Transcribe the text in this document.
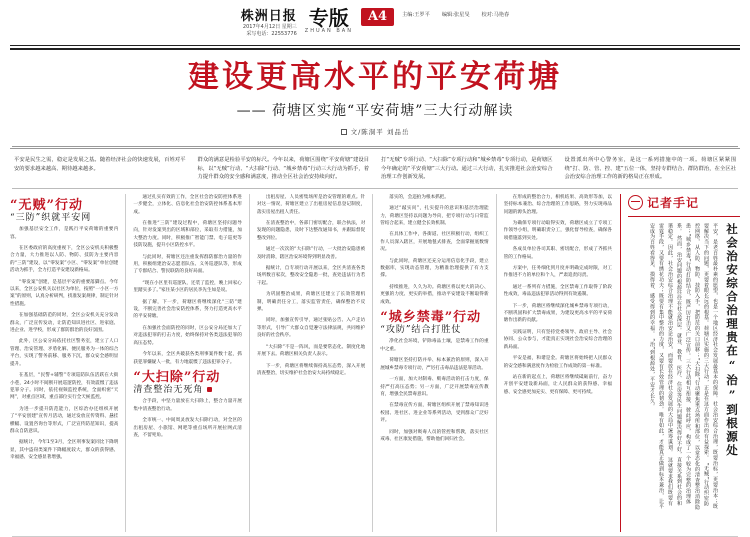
株洲日报
2017年4月12日 星期三
采写电话：22553776
专版
ZHUAN BAN
A4	主编:王罗平 　　编辑:张星旻 　　校对:马艳春
建设更高水平的平安荷塘
—— 荷塘区实施“平安荷塘”三大行动解读
文/陈洞平 刘品岳

平安是民生之需，稳定是发展之基。随着经济社会的快速发展，百姓对平安的要求越来越高、期待越来越多。

群众的满意是检验平安的标尺。今年以来，荷塘区围绕“平安荷塘”建设目标，以“无贼”行动、“大扫除”行动、“城乡禁毒”行动三大行动为抓手，着力提升群众的安全感和满意度，推动全区社会治安持续向好。

打“无贼”专项行动、“大扫除”专项行动和“城乡禁毒”专项行动，是荷塘区今年确定的“平安荷塘”三大行动。通过三大行动，扎实推进社会治安综合治理工作创新发展。

设置派出所中心警务室，是这一系列措施中的一项。荷塘区紧紧围绕“打、防、管、控、建”五位一体，坚持专群结合、群防群治，在全区社会治安综合治理工作的新的格局正在形成。

“无贼”行动
“三防”织就平安网

加强基层安全工作，是践行平安荷塘的重要内容。

在区委政府的高度重视下，全区公安机关积极整合力量，大力推进以人防、物防、技防为主要内容的“三防”建设，以“零发案”小区、“零发案”单位创建活动为抓手，全力打造平安建设新格局。

“零发案”创建，是基层平安的重要落脚点。今年以来，全区公安机关以社区为单位，按照“一小区一方案”的原则，认真分析研判，找准发案规律，制定针对性措施。

在加强基础防范的同时，全区公安机关充分发动群众，广泛宣传发动，让防范知识进社区、进家庭、进企业、进学校，形成了群防群治的良好氛围。

此外，区公安分局依托社区警务室，建立了人口管理、治安管理、矛盾化解、便民服务为一体的综合平台，实现了警务前移、服务下沉，群众安全感明显提升。

在基层，“民警+辅警”专项巡防队伍活跃在大街小巷，24小时不间断开展巡逻防控，有效震慑了违法犯罪分子。同时，依托视频监控系统，全面织密“天网”，对重点区域、重点部位实行全天候监控。

为进一步提升防范能力，区综治办还组织开展了“平安创建”宣传月活动，通过发放宣传资料、悬挂横幅、设置咨询台等形式，广泛宣传防范知识，提高群众自防意识。

据统计，今年1至3月，全区刑事发案同比下降明显，其中盗窃类案件下降幅度较大，群众的获得感、幸福感、安全感显著增强。

通过扎实有效的工作，全区社会治安防控体系进一步健全，立体化、信息化社会治安防控体系基本形成。

在推进“三防”建设过程中，荷塘区坚持问题导向，针对发案突出的区域和部位，采取有力措施，加大整治力度。同时，积极推广智能门禁、电子巡更等技防设施，提升小区防控水平。

与此同时，荷塘区还注重发挥群防群治力量的作用，积极组建治安志愿者队伍、义务巡逻队等，形成了专群结合、警民联防的良好局面。

“现在小区里有巡逻队，还装了监控，晚上回家心里踏实多了。”家住某小区的居民李先生如是说。

据了解，下一步，荷塘区将继续深化“三防”建设，不断完善社会治安防控体系，努力打造更高水平的平安荷塘。

在加强社会面防控的同时，区公安分局还加大了对违法犯罪的打击力度，始终保持对各类违法犯罪的高压态势。

今年以来，全区共破获各类刑事案件数十起，抓获犯罪嫌疑人一批，有力地震慑了违法犯罪分子。

“大扫除”行动
清查整治无死角

合手段，中坚力量放在大扫除上，整合力量开展集中清查整治行动。

全市统一、中间周灵放发大扫除行动，对全区的出租房屋、小旅馆、网吧等重点场所开展拉网式清查，不留死角。

出租房屋、人员密集场所是治安管理的难点。针对这一情况，荷塘区建立了出租房屋信息登记制度，落实房屋出租人责任。

在清查整治中，各部门密切配合，联合执法，对发现的问题隐患，及时下达整改通知书，并跟踪督促整改到位。

通过一次次的“大扫除”行动，一大批治安隐患被及时消除，辖区治安环境得到明显改善。

据统计，自专项行动开展以来，全区共清查各类场所数百家次，整改安全隐患一批，查处违法行为若干起。

为巩固整治成果，荷塘区还建立了长效管理机制，明确责任分工，落实监管责任，确保整治不反弹。

同时，加强宣传引导，通过张贴公告、入户走访等形式，引导广大群众自觉遵守法律法规，共同维护良好的社会秩序。

“大扫除”不是一阵风，而是要常态化、制度化地开展下去。荷塘区相关负责人表示。

下一步，荷塘区将继续保持高压态势，深入开展清查整治，切实维护社会治安大局持续稳定。

落实的，会违拍为根本抓把。

通过“敲实问”，扎实提升的意识和基层治理能力，荷塘区坚持以问题为导向，把专项行动与日常监管结合起来，建立健全长效机制。

在具体工作中，各街道、社区积极行动，组织工作人员深入辖区，开展地毯式排查，全面掌握底数情况。

与此同时，荷塘区还充分运用信息化手段，建立数据库，实现动态管理，为精准治理提供了有力支撑。

持续推进，久久为功。荷塘区将以更大的决心、更强的力度、更实的举措，推动平安建设不断取得新成效。

“城乡禁毒”行动
“攻防”结合打胜仗

净化社会环境，铲除毒品土壤，是禁毒工作的重中之重。

荷塘区坚持打防并举、标本兼治的原则，深入开展城乡禁毒专项行动，严厉打击毒品违法犯罪活动。

一方面，加大对制毒、贩毒活动的打击力度，保持严打高压态势；另一方面，广泛开展禁毒宣传教育，增强全民禁毒意识。

在禁毒宣传方面，荷塘区组织开展了禁毒知识进校园、进社区、进企业等系列活动，受到群众广泛好评。

同时，加强对吸毒人员的管控和帮教，落实社区戒毒、社区康复措施，帮助他们回归社会。

在形成的整治合力，相机结果、高效形等加，以坚持标本兼治、综合治理的工作思路，努力实现毒品问题的源头治理。

为确保专项行动取得实效，荷塘区成立了专项工作领导小组，明确职责分工，强化督导检查，确保各项措施落到实处。

各成员单位各司其职、密切配合，形成了齐抓共管的工作格局。

方案中，任务细化到月度并明确完成时限，对工作推进不力的单位和个人，严肃追责问责。

通过一系列有力措施，全区禁毒工作取得了阶段性成效，毒品违法犯罪活动得到有效遏制。

下一步，荷塘区将继续深化城乡禁毒专项行动，不断巩固和扩大禁毒成果，为建设更高水平的平安荷塘作出新的贡献。

实践证明，只有坚持党委领导、政府主导、社会协同、公众参与，才能真正实现社会治安综合治理的新局面。

平安是福，和谐是金。荷塘区将始终把人民群众的安全感和满意度作为检验工作成效的第一标准。

站在新的起点上，荷塘区将继续砥砺前行，奋力开创平安建设新局面，让人民群众的获得感、幸福感、安全感更加充实、更有保障、更可持续。

记者手记
社会治安综合治理贵在“治”到根源处
平安，是老百姓最朴素的愿望，也是一个地区经济社会发展最基本的保障。社会治安综合治理，既要治标，更要治本；既要解决当下的问题，更要着眼长远的根基。荷塘区实施的三大行动，正是在这方面作出的有益探索。 “无贼”行动织密防控网络，从人防、物防、技防入手，把防范的关口前移；“大扫除”行动聚焦重点场所和部位，以常态化的清查整治消除隐患；“城乡禁毒”行动打防结合，既严厉打击又广泛宣传。三大行动相互衔接、彼此呼应，构成了一个较为完整的治理体系。 然而，治安问题的根源往往在社会深层。就业、教育、医疗、住房等民生问题解决得好不好，直接关系到社会的和谐稳定。因此，社会治安综合治理不能就治安论治安，而要放在经济社会发展的大局中统筹谋划。 这就要求我们既要有雷霆手段，又要有绣花功夫；既要有集中整治的力度，又要有长效管理的韧劲。唯有如此，才能真正做到标本兼治，让平安成为百姓看得见、摸得着、感受得到的幸福。 “治”到根源处，平安才长久。
